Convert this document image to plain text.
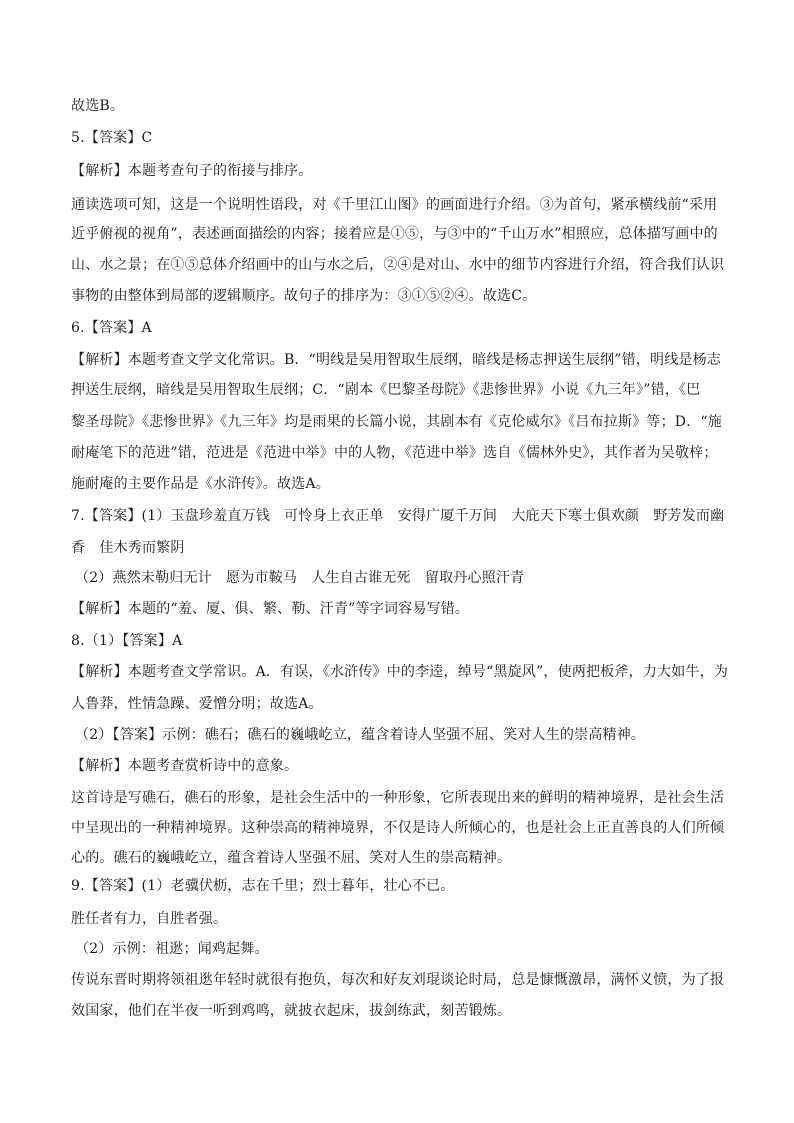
故选B。
5.【答案】C
【解析】本题考查句子的衔接与排序。
通读选项可知，这是一个说明性语段，对《千里江山图》的画面进行介绍。③为首句，紧承横线前“采用
近乎俯视的视角”，表述画面描绘的内容；接着应是①⑤，与③中的“千山万水”相照应，总体描写画中的
山、水之景；在①⑤总体介绍画中的山与水之后，②④是对山、水中的细节内容进行介绍，符合我们认识
事物的由整体到局部的逻辑顺序。故句子的排序为：③①⑤②④。故选C。
6.【答案】A
【解析】本题考查文学文化常识。B．“明线是吴用智取生辰纲，暗线是杨志押送生辰纲”错，明线是杨志
押送生辰纲，暗线是吴用智取生辰纲；C．“剧本《巴黎圣母院》《悲惨世界》小说《九三年》”错，《巴
黎圣母院》《悲惨世界》《九三年》均是雨果的长篇小说，其剧本有《克伦威尔》《吕布拉斯》等；D．“施
耐庵笔下的范进”错，范进是《范进中举》中的人物，《范进中举》选自《儒林外史》，其作者为吴敬梓；
施耐庵的主要作品是《水浒传》。故选A。
7.【答案】(1）玉盘珍羞直万钱　可怜身上衣正单　安得广厦千万间　大庇天下寒士俱欢颜　野芳发而幽
香　佳木秀而繁阴
（2）燕然未勒归无计　愿为市鞍马　人生自古谁无死　留取丹心照汗青
【解析】本题的“羞、厦、俱、繁、勒、汗青”等字词容易写错。
8.（1）【答案】A
【解析】本题考查文学常识。A．有误，《水浒传》中的李逵，绰号“黑旋风”，使两把板斧，力大如牛，为
人鲁莽，性情急躁、爱憎分明；故选A。
（2）【答案】示例：礁石；礁石的巍峨屹立，蕴含着诗人坚强不屈、笑对人生的崇高精神。
【解析】本题考查赏析诗中的意象。
这首诗是写礁石，礁石的形象，是社会生活中的一种形象，它所表现出来的鲜明的精神境界，是社会生活
中呈现出的一种精神境界。这种崇高的精神境界，不仅是诗人所倾心的，也是社会上正直善良的人们所倾
心的。礁石的巍峨屹立，蕴含着诗人坚强不屈、笑对人生的崇高精神。
9.【答案】(1）老骥伏枥，志在千里；烈士暮年，壮心不已。
胜任者有力，自胜者强。
（2）示例：祖逖；闻鸡起舞。
传说东晋时期将领祖逖年轻时就很有抱负，每次和好友刘琨谈论时局，总是慷慨激昂，满怀义愤，为了报
效国家，他们在半夜一听到鸡鸣，就披衣起床，拔剑练武，刻苦锻炼。
